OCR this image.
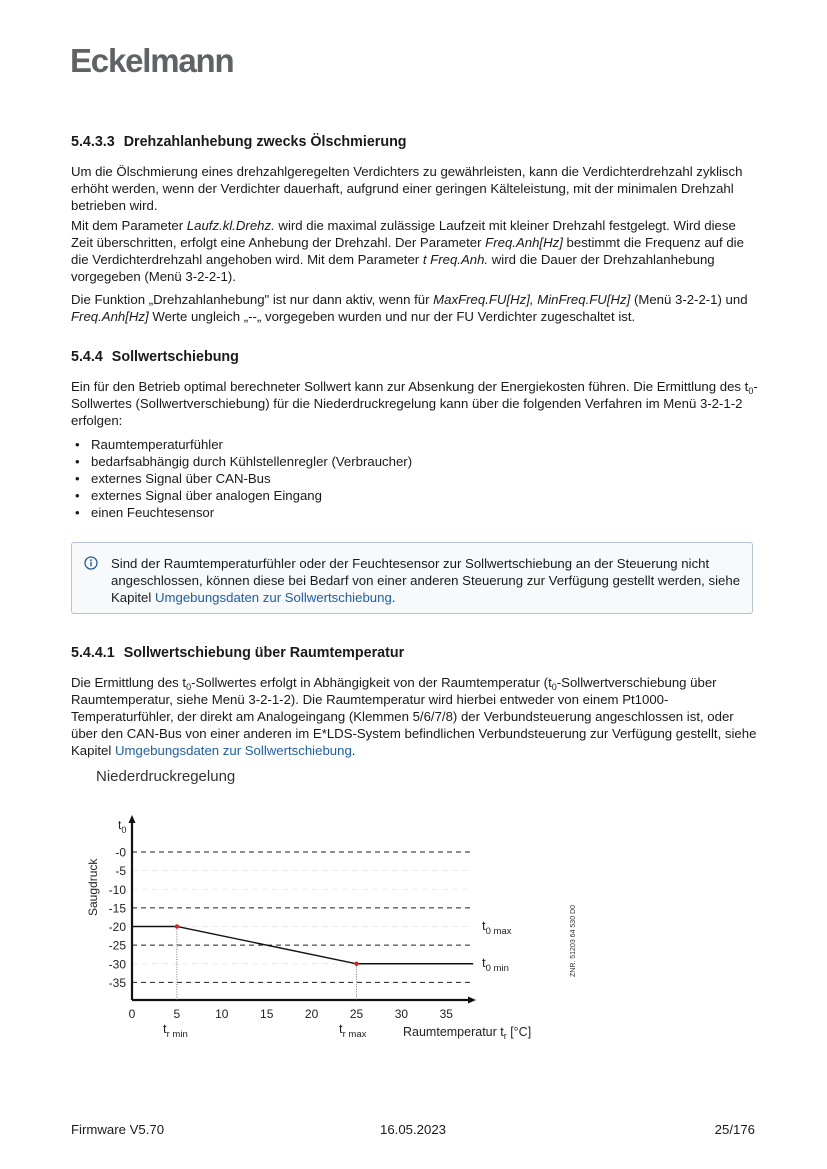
Eckelmann
5.4.3.3 Drehzahlanhebung zwecks Ölschmierung

Um die Ölschmierung eines drehzahlgeregelten Verdichters zu gewährleisten, kann die Verdichterdrehzahl zyklisch erhöht werden, wenn der Verdichter dauerhaft, aufgrund einer geringen Kälteleistung, mit der minimalen Drehzahl betrieben wird.

Mit dem Parameter Laufz.kl.Drehz. wird die maximal zulässige Laufzeit mit kleiner Drehzahl festgelegt. Wird diese Zeit überschritten, erfolgt eine Anhebung der Drehzahl. Der Parameter Freq.Anh[Hz] bestimmt die Frequenz auf die die Verdichterdrehzahl angehoben wird. Mit dem Parameter t Freq.Anh. wird die Dauer der Drehzahlanhebung vorgegeben (Menü 3-2-2-1).

Die Funktion „Drehzahlanhebung" ist nur dann aktiv, wenn für MaxFreq.FU[Hz], MinFreq.FU[Hz] (Menü 3-2-2-1) und Freq.Anh[Hz] Werte ungleich „--„ vorgegeben wurden und nur der FU Verdichter zugeschaltet ist.

5.4.4 Sollwertschiebung

Ein für den Betrieb optimal berechneter Sollwert kann zur Absenkung der Energiekosten führen. Die Ermittlung des $t_0$-Sollwertes (Sollwertverschiebung) für die Niederdruckregelung kann über die folgenden Verfahren im Menü 3-2-1-2 erfolgen:

• Raumtemperaturfühler
• bedarfsabhängig durch Kühlstellenregler (Verbraucher)
• externes Signal über CAN-Bus
• externes Signal über analogen Eingang
• einen Feuchtesensor
Sind der Raumtemperaturfühler oder der Feuchtesensor zur Sollwertschiebung an der Steuerung nicht angeschlossen, können diese bei Bedarf von einer anderen Steuerung zur Verfügung gestellt werden, siehe Kapitel Umgebungsdaten zur Sollwertschiebung.
5.4.4.1 Sollwertschiebung über Raumtemperatur

Die Ermittlung des $t_0$-Sollwertes erfolgt in Abhängigkeit von der Raumtemperatur ($t_0$-Sollwertverschiebung über Raumtemperatur, siehe Menü 3-2-1-2). Die Raumtemperatur wird hierbei entweder von einem Pt1000-Temperaturfühler, der direkt am Analogeingang (Klemmen 5/6/7/8) der Verbundsteuerung angeschlossen ist, oder über den CAN-Bus von einer anderen im E*LDS-System befindlichen Verbundsteuerung zur Verfügung gestellt, siehe Kapitel Umgebungsdaten zur Sollwertschiebung.

Niederdruckregelung
-0
-5
-10
-15
-20
-25
-30
-35
0	5	10	15	20	25	30	35
$t_0$
Saugdruck
$t_{0 max}$
$t_{0 min}$
$t_{r min}$	$t_{r max}$	Raumtemperatur $t_r$ [°C]
ZNR. 51203 64 530 D0
Firmware V5.70	16.05.2023	25/176
